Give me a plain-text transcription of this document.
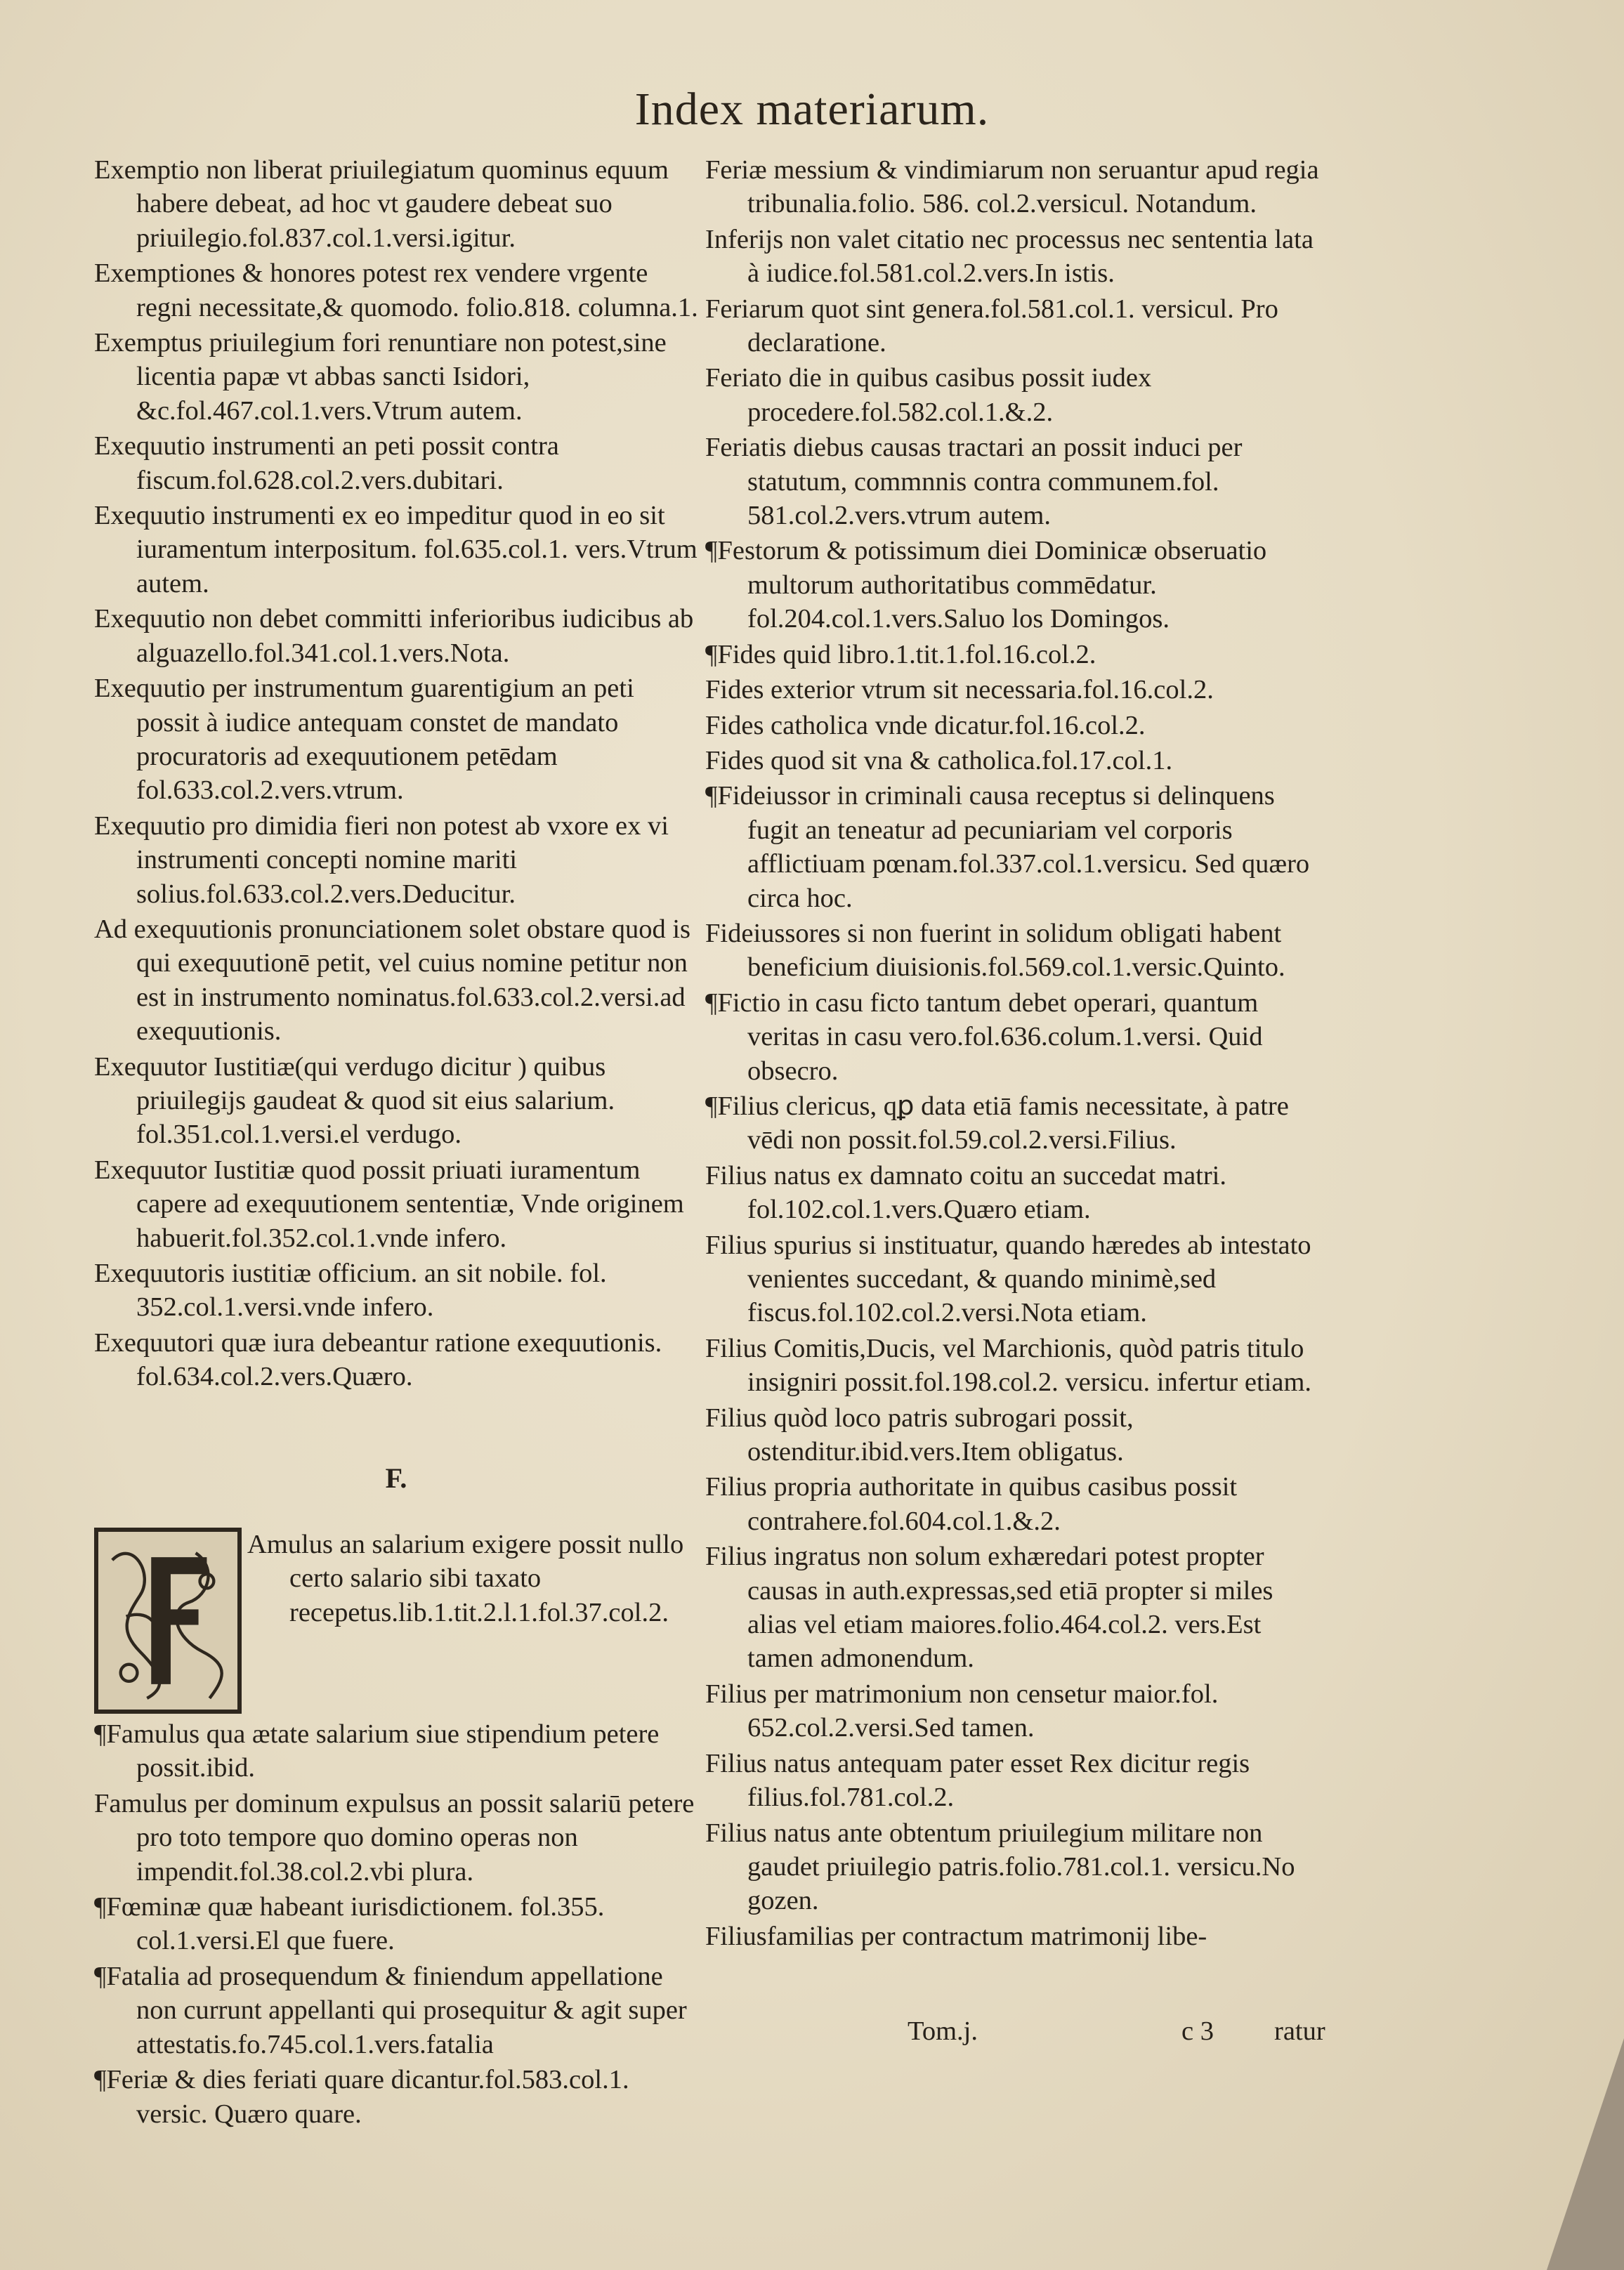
Index materiarum.
Exemptio non liberat priuilegiatum quominus equum habere debeat, ad hoc vt gaudere debeat suo priuilegio.fol.837.col.1.versi.igitur.
Exemptiones & honores potest rex vendere vrgente regni necessitate,& quomodo. folio.818. columna.1.
Exemptus priuilegium fori renuntiare non potest,sine licentia papæ vt abbas sancti Isidori, &c.fol.467.col.1.vers.Vtrum autem.
Exequutio instrumenti an peti possit contra fiscum.fol.628.col.2.vers.dubitari.
Exequutio instrumenti ex eo impeditur quod in eo sit iuramentum interpositum. fol.635.col.1. vers.Vtrum autem.
Exequutio non debet committi inferioribus iudicibus ab alguazello.fol.341.col.1.vers.Nota.
Exequutio per instrumentum guarentigium an peti possit à iudice antequam constet de mandato procuratoris ad exequutionem petēdam fol.633.col.2.vers.vtrum.
Exequutio pro dimidia fieri non potest ab vxore ex vi instrumenti concepti nomine mariti solius.fol.633.col.2.vers.Deducitur.
Ad exequutionis pronunciationem solet obstare quod is qui exequutionē petit, vel cuius nomine petitur non est in instrumento nominatus.fol.633.col.2.versi.ad exequutionis.
Exequutor Iustitiæ(qui verdugo dicitur ) quibus priuilegijs gaudeat & quod sit eius salarium. fol.351.col.1.versi.el verdugo.
Exequutor Iustitiæ quod possit priuati iuramentum capere ad exequutionem sententiæ, Vnde originem habuerit.fol.352.col.1.vnde infero.
Exequutoris iustitiæ officium. an sit nobile. fol. 352.col.1.versi.vnde infero.
Exequutori quæ iura debeantur ratione exequutionis. fol.634.col.2.vers.Quæro.
F.
Amulus an salarium exigere possit nullo certo salario sibi taxato recepetus.lib.1.tit.2.l.1.fol.37.col.2.
¶Famulus qua ætate salarium siue stipendium petere possit.ibid.
Famulus per dominum expulsus an possit salariū petere pro toto tempore quo domino operas non impendit.fol.38.col.2.vbi plura.
¶Fœminæ quæ habeant iurisdictionem. fol.355. col.1.versi.El que fuere.
¶Fatalia ad prosequendum & finiendum appellatione non currunt appellanti qui prosequitur & agit super attestatis.fo.745.col.1.vers.fatalia
¶Feriæ & dies feriati quare dicantur.fol.583.col.1. versic. Quæro quare.
Feriæ messium & vindimiarum non seruantur apud regia tribunalia.folio. 586. col.2.versicul. Notandum.
Inferijs non valet citatio nec processus nec sententia lata à iudice.fol.581.col.2.vers.In istis.
Feriarum quot sint genera.fol.581.col.1. versicul. Pro declaratione.
Feriato die in quibus casibus possit iudex procedere.fol.582.col.1.&.2.
Feriatis diebus causas tractari an possit induci per statutum, commnnis contra communem.fol. 581.col.2.vers.vtrum autem.
¶Festorum & potissimum diei Dominicæ obseruatio multorum authoritatibus commēdatur. fol.204.col.1.vers.Saluo los Domingos.
¶Fides quid libro.1.tit.1.fol.16.col.2.
Fides exterior vtrum sit necessaria.fol.16.col.2.
Fides catholica vnde dicatur.fol.16.col.2.
Fides quod sit vna & catholica.fol.17.col.1.
¶Fideiussor in criminali causa receptus si delinquens fugit an teneatur ad pecuniariam vel corporis afflictiuam pœnam.fol.337.col.1.versicu. Sed quæro circa hoc.
Fideiussores si non fuerint in solidum obligati habent beneficium diuisionis.fol.569.col.1.versic.Quinto.
¶Fictio in casu ficto tantum debet operari, quantum veritas in casu vero.fol.636.colum.1.versi. Quid obsecro.
¶Filius clericus, qꝑ data etiā famis necessitate, à patre vēdi non possit.fol.59.col.2.versi.Filius.
Filius natus ex damnato coitu an succedat matri. fol.102.col.1.vers.Quæro etiam.
Filius spurius si instituatur, quando hæredes ab intestato venientes succedant, & quando minimè,sed fiscus.fol.102.col.2.versi.Nota etiam.
Filius Comitis,Ducis, vel Marchionis, quòd patris titulo insigniri possit.fol.198.col.2. versicu. infertur etiam.
Filius quòd loco patris subrogari possit, ostenditur.ibid.vers.Item obligatus.
Filius propria authoritate in quibus casibus possit contrahere.fol.604.col.1.&.2.
Filius ingratus non solum exhæredari potest propter causas in auth.expressas,sed etiā propter si miles alias vel etiam maiores.folio.464.col.2. vers.Est tamen admonendum.
Filius per matrimonium non censetur maior.fol. 652.col.2.versi.Sed tamen.
Filius natus antequam pater esset Rex dicitur regis filius.fol.781.col.2.
Filius natus ante obtentum priuilegium militare non gaudet priuilegio patris.folio.781.col.1. versicu.No gozen.
Filiusfamilias per contractum matrimonij libe-
Tom.j.	c 3 ratur
